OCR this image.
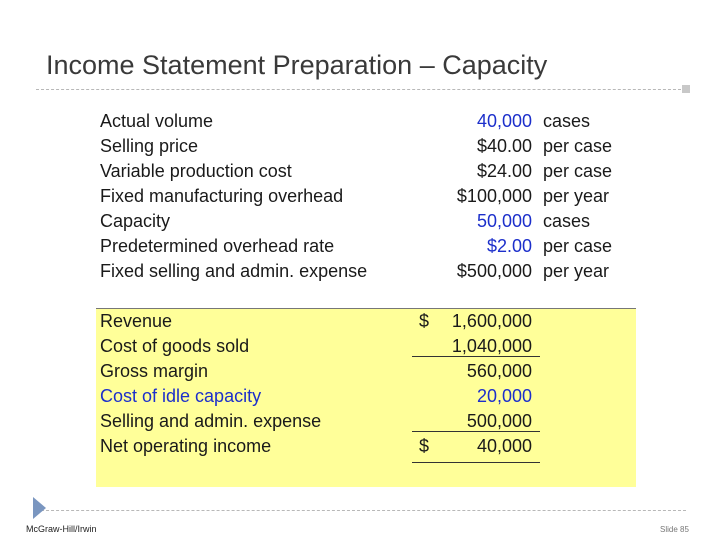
Income Statement Preparation – Capacity
Actual volume	40,000 cases
Selling price	$40.00 per case
Variable production cost	$24.00 per case
Fixed manufacturing overhead	$100,000 per year
Capacity	50,000 cases
Predetermined overhead rate	$2.00 per case
Fixed selling and admin. expense	$500,000 per year
Revenue	$ 1,600,000
Cost of goods sold	1,040,000
Gross margin	560,000
Cost of idle capacity	20,000
Selling and admin. expense	500,000
Net operating income	$	40,000
McGraw-Hill/Irwin	Slide 85
